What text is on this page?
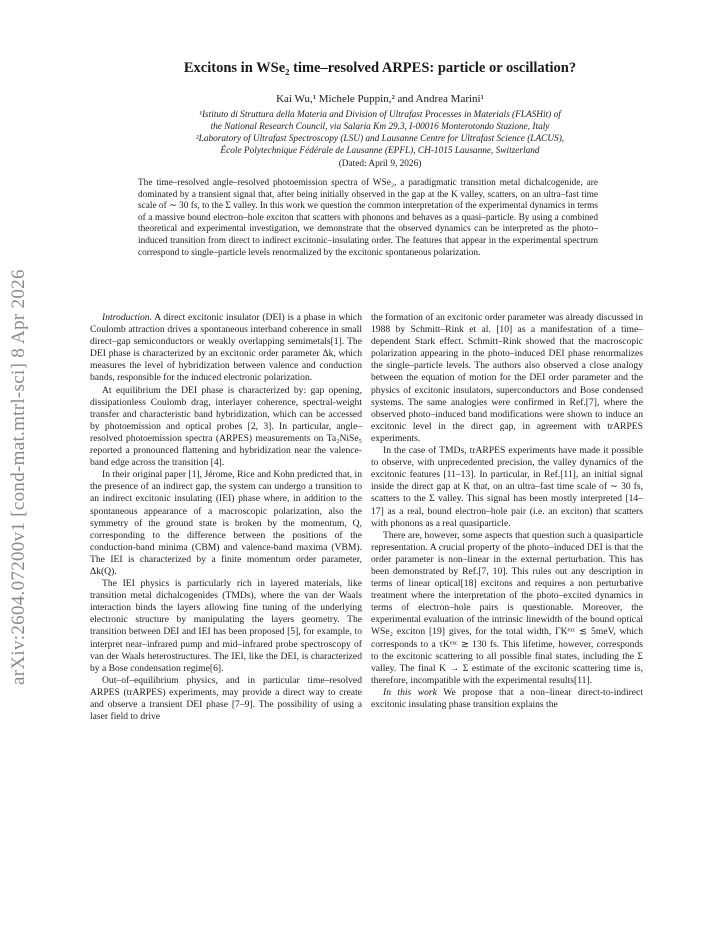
arXiv:2604.07200v1 [cond-mat.mtrl-sci] 8 Apr 2026
Excitons in WSe₂ time–resolved ARPES: particle or oscillation?

Kai Wu,¹ Michele Puppin,² and Andrea Marini¹

¹Istituto di Struttura della Materia and Division of Ultrafast Processes in Materials (FLASHit) of

the National Research Council, via Salaria Km 29.3, I-00016 Monterotondo Stazione, Italy

²Laboratory of Ultrafast Spectroscopy (LSU) and Lausanne Centre for Ultrafast Science (LACUS),

École Polytechnique Fédérale de Lausanne (EPFL), CH-1015 Lausanne, Switzerland

(Dated: April 9, 2026)

The time–resolved angle–resolved photoemission spectra of WSe₂, a paradigmatic transition metal dichalcogenide, are dominated by a transient signal that, after being initially observed in the gap at the K valley, scatters, on an ultra–fast time scale of ∼ 30 fs, to the Σ valley. In this work we question the common interpretation of the experimental dynamics in terms of a massive bound electron–hole exciton that scatters with phonons and behaves as a quasi–particle. By using a combined theoretical and experimental investigation, we demonstrate that the observed dynamics can be interpreted as the photo–induced transition from direct to indirect excitonic–insulating order. The features that appear in the experimental spectrum correspond to single–particle levels renormalized by the excitonic spontaneous polarization.

Introduction. A direct excitonic insulator (DEI) is a phase in which Coulomb attraction drives a spontaneous interband coherence in small direct–gap semiconductors or weakly overlapping semimetals[1]. The DEI phase is characterized by an excitonic order parameter Δk, which measures the level of hybridization between valence and conduction bands, responsible for the induced electronic polarization.

At equilibrium the DEI phase is characterized by: gap opening, dissipationless Coulomb drag, interlayer coherence, spectral-weight transfer and characteristic band hybridization, which can be accessed by photoemission and optical probes [2, 3]. In particular, angle–resolved photoemission spectra (ARPES) measurements on Ta₂NiSe₅ reported a pronounced flattening and hybridization near the valence-band edge across the transition [4].

In their original paper [1], Jérome, Rice and Kohn predicted that, in the presence of an indirect gap, the system can undergo a transition to an indirect excitonic insulating (IEI) phase where, in addition to the spontaneous appearance of a macroscopic polarization, also the symmetry of the ground state is broken by the momentum, Q, corresponding to the difference between the positions of the conduction-band minima (CBM) and valence-band maxima (VBM). The IEI is characterized by a finite momentum order parameter, Δk(Q).

The IEI physics is particularly rich in layered materials, like transition metal dichalcogenides (TMDs), where the van der Waals interaction binds the layers allowing fine tuning of the underlying electronic structure by manipulating the layers geometry. The transition between DEI and IEI has been proposed [5], for example, to interpret near–infrared pump and mid–infrared probe spectroscopy of van der Waals heterostructures. The IEI, like the DEI, is characterized by a Bose condensation regime[6].

Out–of–equilibrium physics, and in particular time–resolved ARPES (trARPES) experiments, may provide a direct way to create and observe a transient DEI phase [7–9]. The possibility of using a laser field to drive

the formation of an excitonic order parameter was already discussed in 1988 by Schmitt–Rink et al. [10] as a manifestation of a time–dependent Stark effect. Schmitt–Rink showed that the macroscopic polarization appearing in the photo–induced DEI phase renormalizes the single–particle levels. The authors also observed a close analogy between the equation of motion for the DEI order parameter and the physics of excitonic insulators, superconductors and Bose condensed systems. The same analogies were confirmed in Ref.[7], where the observed photo–induced band modifications were shown to induce an excitonic level in the direct gap, in agreement with trARPES experiments.

In the case of TMDs, trARPES experiments have made it possible to observe, with unprecedented precision, the valley dynamics of the excitonic features [11–13]. In particular, in Ref.[11], an initial signal inside the direct gap at K that, on an ultra–fast time scale of ∼ 30 fs, scatters to the Σ valley. This signal has been mostly interpreted [14–17] as a real, bound electron–hole pair (i.e. an exciton) that scatters with phonons as a real quasiparticle.

There are, however, some aspects that question such a quasiparticle representation. A crucial property of the photo–induced DEI is that the order parameter is non–linear in the external perturbation. This has been demonstrated by Ref.[7, 10]. This rules out any description in terms of linear optical[18] excitons and requires a non perturbative treatment where the interpretation of the photo–excited dynamics in terms of electron–hole pairs is questionable. Moreover, the experimental evaluation of the intrinsic linewidth of the bound optical WSe₂ exciton [19] gives, for the total width, ΓKᵉˣᶜ ≲ 5meV, which corresponds to a τKᵉˣᶜ ≳ 130 fs. This lifetime, however, corresponds to the excitonic scattering to all possible final states, including the Σ valley. The final K → Σ estimate of the excitonic scattering time is, therefore, incompatible with the experimental results[11].

In this work We propose that a non–linear direct-to-indirect excitonic insulating phase transition explains the
